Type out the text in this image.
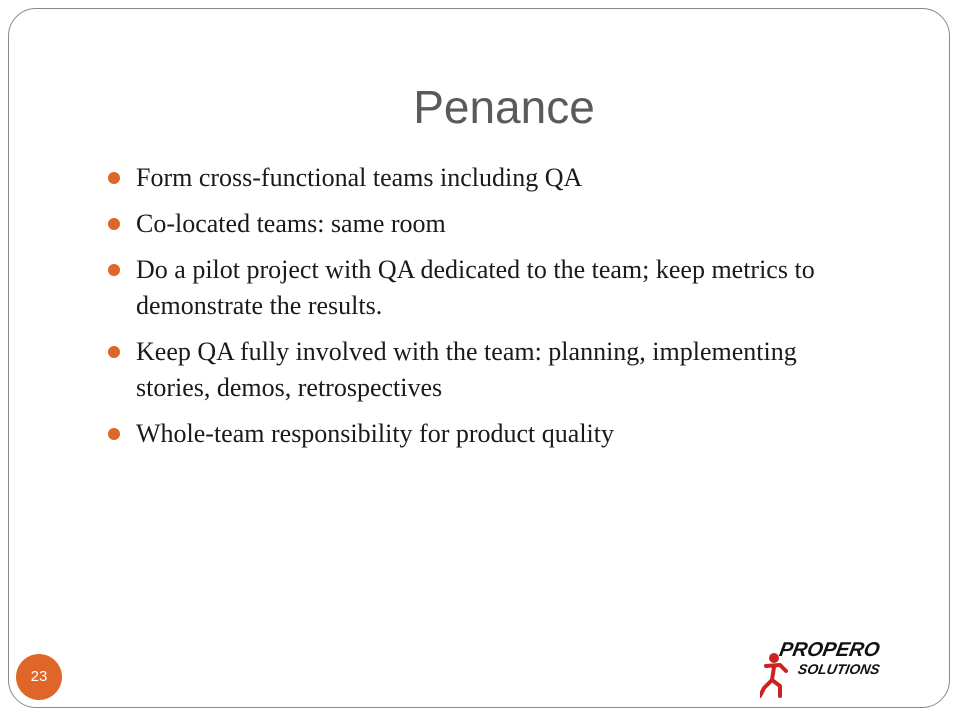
Penance
Form cross-functional teams including QA
Co-located teams: same room
Do a pilot project with QA dedicated to the team; keep metrics to demonstrate the results.
Keep QA fully involved with the team: planning, implementing stories, demos, retrospectives
Whole-team responsibility for product quality
23
PROPERO
SOLUTIONS
